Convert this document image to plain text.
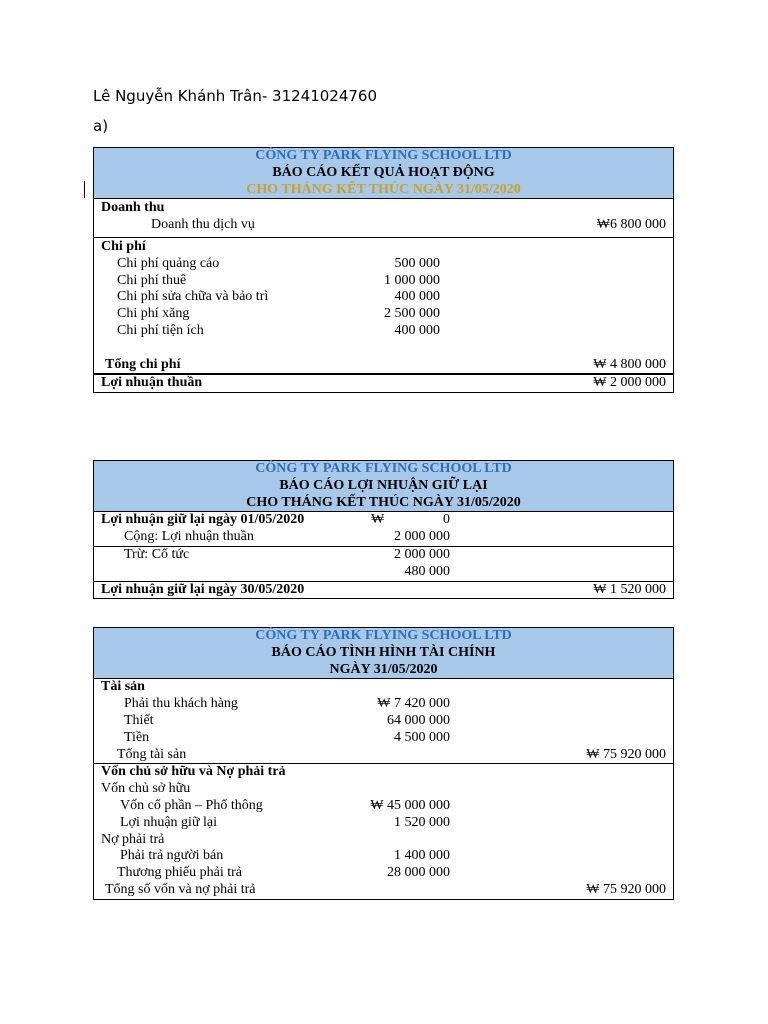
Lê Nguyễn Khánh Trân- 31241024760
a)
CÔNG TY PARK FLYING SCHOOL LTD
BÁO CÁO KẾT QUẢ HOẠT ĐỘNG
CHO THÁNG KẾT THÚC NGÀY 31/05/2020
Doanh thu
Doanh thu dịch vụ	₩6 800 000
Chi phí
Chi phí quảng cáo	500 000
Chi phí thuê	1 000 000
Chi phí sửa chữa và bảo trì	400 000
Chi phí xăng	2 500 000
Chi phí tiện ích	400 000
Tổng chi phí	₩ 4 800 000
Lợi nhuận thuần	₩ 2 000 000
CÔNG TY PARK FLYING SCHOOL LTD
BÁO CÁO LỢI NHUẬN GIỮ LẠI
CHO THÁNG KẾT THÚC NGÀY 31/05/2020
Lợi nhuận giữ lại ngày 01/05/2020	₩	0
Cộng: Lợi nhuận thuần	2 000 000
Trừ: Cổ tức	2 000 000
480 000
Lợi nhuận giữ lại ngày 30/05/2020	₩ 1 520 000
CÔNG TY PARK FLYING SCHOOL LTD
BÁO CÁO TÌNH HÌNH TÀI CHÍNH
NGÀY 31/05/2020
Tài sản
Phải thu khách hàng	₩ 7 420 000
Thiết	64 000 000
Tiền	4 500 000
Tổng tài sản	₩ 75 920 000
Vốn chủ sở hữu và Nợ phải trả
Vốn chủ sở hữu
Vốn cổ phần – Phổ thông	₩ 45 000 000
Lợi nhuận giữ lại	1 520 000
Nợ phải trả
Phải trả người bán	1 400 000
Thương phiếu phải trả	28 000 000
Tổng số vốn và nợ phải trả	₩ 75 920 000
